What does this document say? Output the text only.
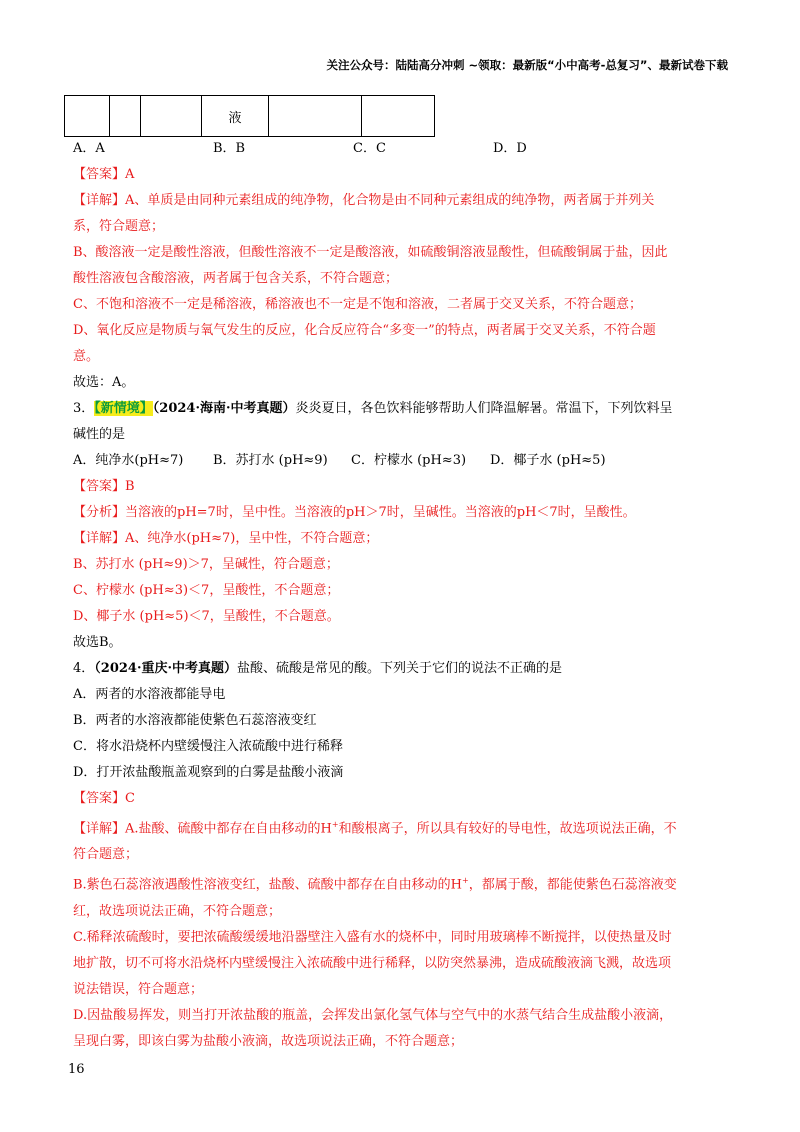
关注公众号：陆陆高分冲刺 ~领取：最新版“小中高考-总复习”、最新试卷下载
			液		
A．A	B．B	C．C	D．D
【答案】A
【详解】A、单质是由同种元素组成的纯净物，化合物是由不同种元素组成的纯净物，两者属于并列关
系，符合题意；
B、酸溶液一定是酸性溶液，但酸性溶液不一定是酸溶液，如硫酸铜溶液显酸性，但硫酸铜属于盐，因此
酸性溶液包含酸溶液，两者属于包含关系，不符合题意；
C、不饱和溶液不一定是稀溶液，稀溶液也不一定是不饱和溶液，二者属于交叉关系，不符合题意；
D、氧化反应是物质与氧气发生的反应，化合反应符合“多变一”的特点，两者属于交叉关系，不符合题
意。
故选：A。
3．【新情境】（2024·海南·中考真题）炎炎夏日，各色饮料能够帮助人们降温解暑。常温下，下列饮料呈
碱性的是
A．纯净水(pH≈7) B．苏打水 (pH≈9) C．柠檬水 (pH≈3) D．椰子水 (pH≈5)
【答案】B
【分析】当溶液的pH=7时，呈中性。当溶液的pH＞7时，呈碱性。当溶液的pH＜7时，呈酸性。
【详解】A、纯净水(pH≈7)，呈中性，不符合题意；
B、苏打水 (pH≈9)＞7，呈碱性，符合题意；
C、柠檬水 (pH≈3)＜7，呈酸性，不合题意；
D、椰子水 (pH≈5)＜7，呈酸性，不合题意。
故选B。
4．（2024·重庆·中考真题）盐酸、硫酸是常见的酸。下列关于它们的说法不正确的是
A．两者的水溶液都能导电
B．两者的水溶液都能使紫色石蕊溶液变红
C．将水沿烧杯内壁缓慢注入浓硫酸中进行稀释
D．打开浓盐酸瓶盖观察到的白雾是盐酸小液滴
【答案】C
【详解】A.盐酸、硫酸中都存在自由移动的H+和酸根离子，所以具有较好的导电性，故选项说法正确，不
符合题意；
B.紫色石蕊溶液遇酸性溶液变红，盐酸、硫酸中都存在自由移动的H+，都属于酸，都能使紫色石蕊溶液变
红，故选项说法正确，不符合题意；
C.稀释浓硫酸时，要把浓硫酸缓缓地沿器壁注入盛有水的烧杯中，同时用玻璃棒不断搅拌，以使热量及时
地扩散，切不可将水沿烧杯内壁缓慢注入浓硫酸中进行稀释，以防突然暴沸，造成硫酸液滴飞溅，故选项
说法错误，符合题意；
D.因盐酸易挥发，则当打开浓盐酸的瓶盖，会挥发出氯化氢气体与空气中的水蒸气结合生成盐酸小液滴，
呈现白雾，即该白雾为盐酸小液滴，故选项说法正确，不符合题意；
16
